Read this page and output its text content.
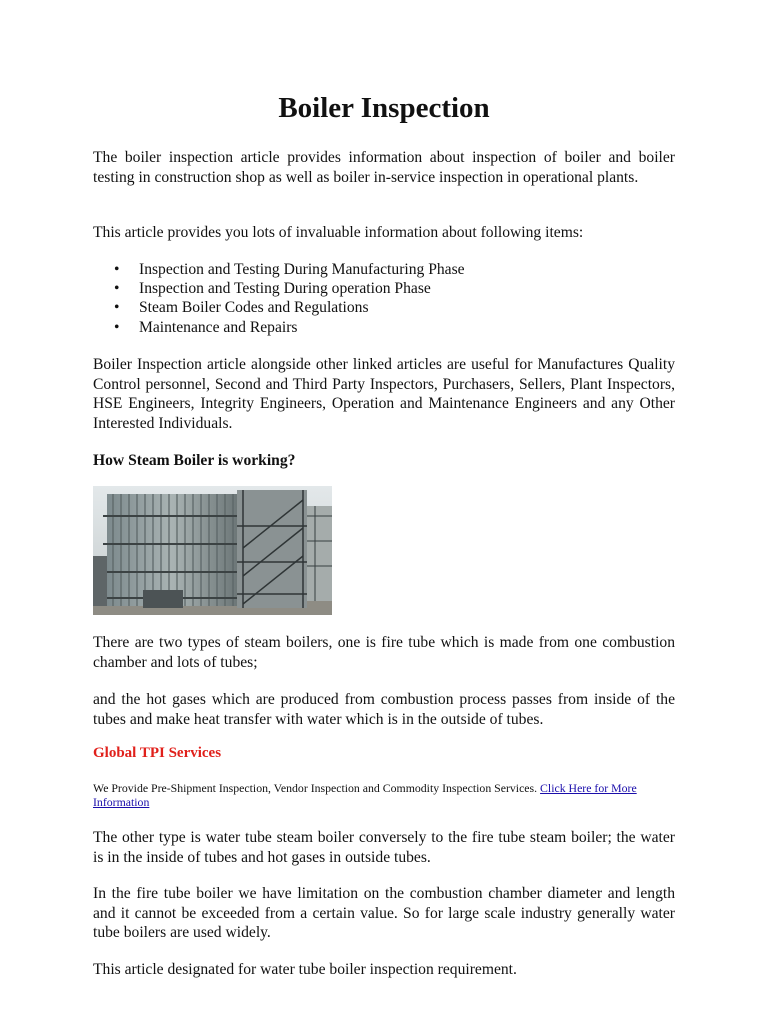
Boiler Inspection

The boiler inspection article provides information about inspection of boiler and boiler testing in construction shop as well as boiler in-service inspection in operational plants.

This article provides you lots of invaluable information about following items:

• Inspection and Testing During Manufacturing Phase
• Inspection and Testing During operation Phase
• Steam Boiler Codes and Regulations
• Maintenance and Repairs

Boiler Inspection article alongside other linked articles are useful for Manufactures Quality Control personnel, Second and Third Party Inspectors, Purchasers, Sellers, Plant Inspectors, HSE Engineers, Integrity Engineers, Operation and Maintenance Engineers and any Other Interested Individuals.

How Steam Boiler is working?

There are two types of steam boilers, one is fire tube which is made from one combustion chamber and lots of tubes;

and the hot gases which are produced from combustion process passes from inside of the tubes and make heat transfer with water which is in the outside of tubes.

Global TPI Services

We Provide Pre-Shipment Inspection, Vendor Inspection and Commodity Inspection Services. Click Here for More Information

The other type is water tube steam boiler conversely to the fire tube steam boiler; the water is in the inside of tubes and hot gases in outside tubes.

In the fire tube boiler we have limitation on the combustion chamber diameter and length and it cannot be exceeded from a certain value. So for large scale industry generally water tube boilers are used widely.

This article designated for water tube boiler inspection requirement.
